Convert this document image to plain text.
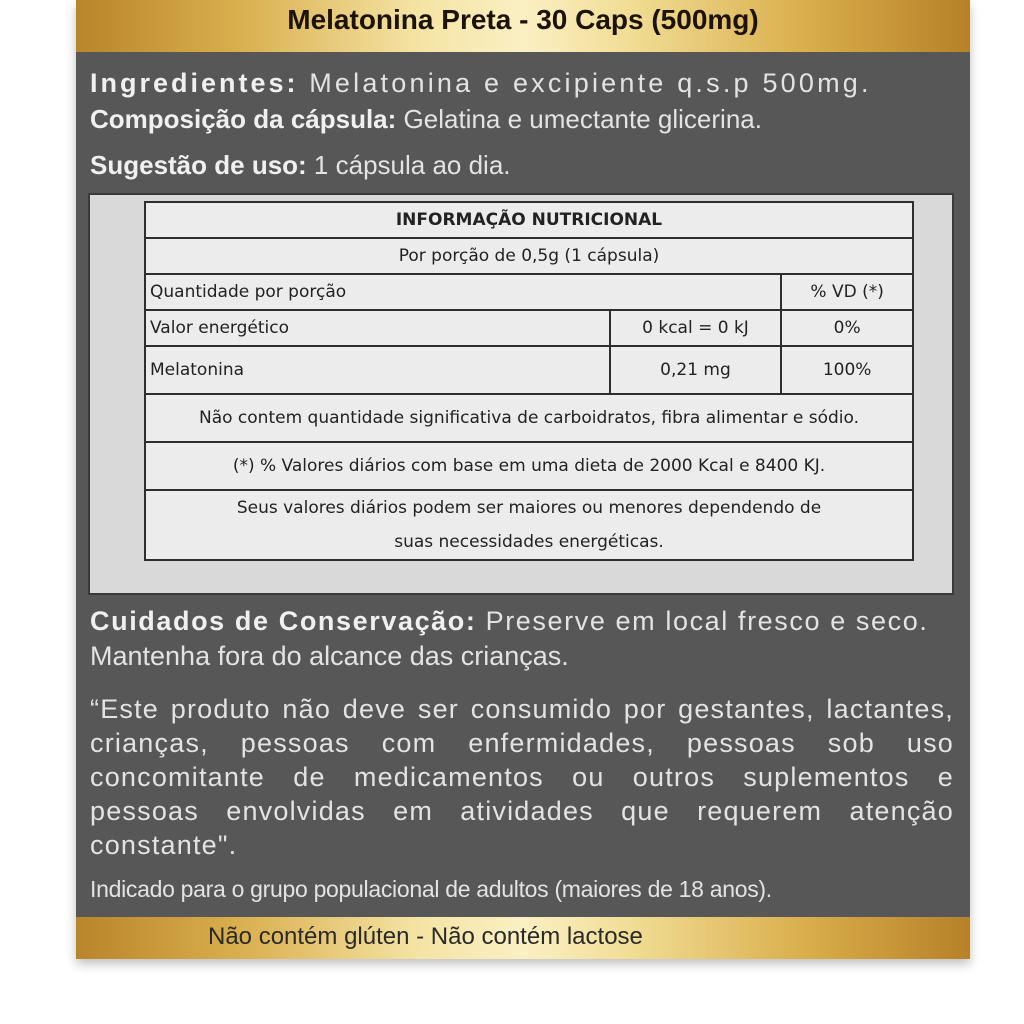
Melatonina Preta - 30 Caps (500mg)
Ingredientes: Melatonina e excipiente q.s.p 500mg.
Composição da cápsula: Gelatina e umectante glicerina.
Sugestão de uso: 1 cápsula ao dia.
INFORMAÇÃO NUTRICIONAL		
Por porção de 0,5g (1 cápsula)		
Quantidade por porção		% VD (*)
Valor energético	0 kcal = 0 kJ	0%
Melatonina	0,21 mg	100%
Não contem quantidade significativa de carboidratos, fibra alimentar e sódio.		
(*) % Valores diários com base em uma dieta de 2000 Kcal e 8400 KJ.		
Seus valores diários podem ser maiores ou menores dependendo de		
suas necessidades energéticas.		
Cuidados de Conservação: Preserve em local fresco e seco.
Mantenha fora do alcance das crianças.
“Este produto não deve ser consumido por gestantes, lactantes, crianças, pessoas com enfermidades, pessoas sob uso concomitante de medicamentos ou outros suplementos e pessoas envolvidas em atividades que requerem atenção constante".
Indicado para o grupo populacional de adultos (maiores de 18 anos).
Não contém glúten - Não contém lactose
